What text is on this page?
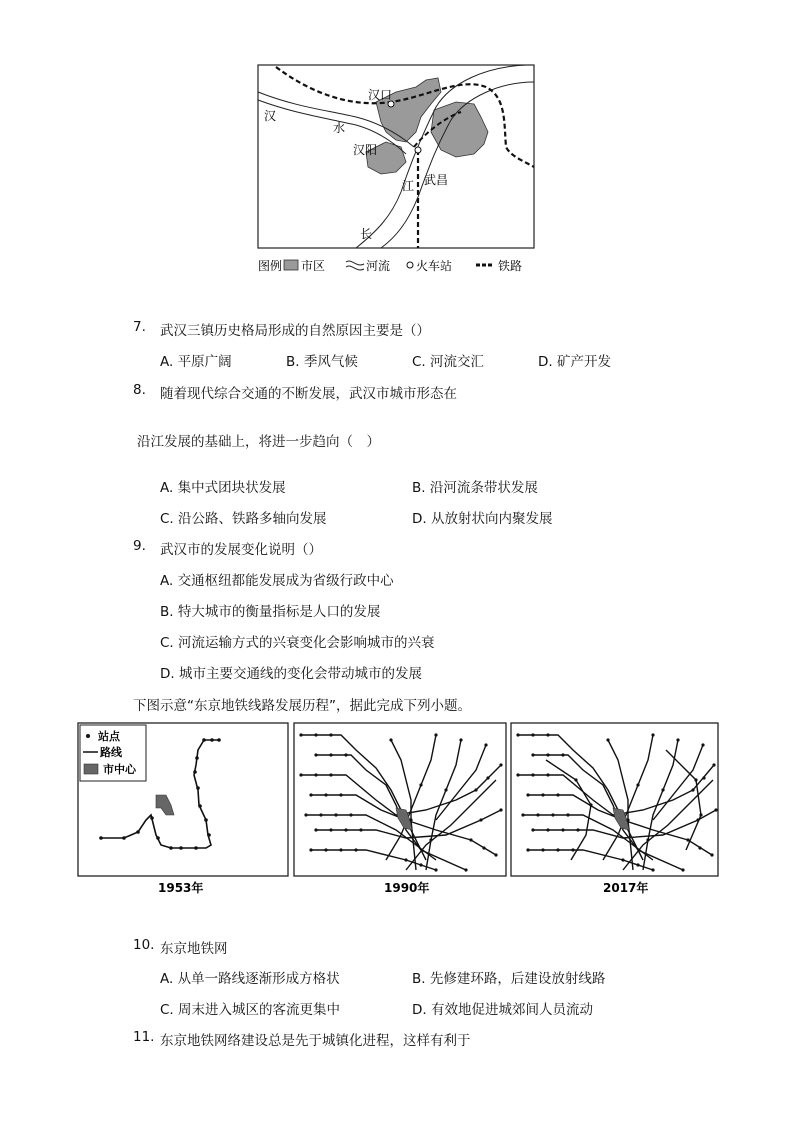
汉口
汉
水
汉阳
江 武昌
长
图例 市区	河流 火车站	铁路
7. 武汉三镇历史格局形成的自然原因主要是（）
A. 平原广阔	B. 季风气候	C. 河流交汇	D. 矿产开发
8. 随着现代综合交通的不断发展，武汉市城市形态在
沿江发展的基础上，将进一步趋向（　）
A. 集中式团块状发展	B. 沿河流条带状发展
C. 沿公路、铁路多轴向发展	D. 从放射状向内聚发展
9. 武汉市的发展变化说明（）
A. 交通枢纽都能发展成为省级行政中心
B. 特大城市的衡量指标是人口的发展
C. 河流运输方式的兴衰变化会影响城市的兴衰
D. 城市主要交通线的变化会带动城市的发展
下图示意“东京地铁线路发展历程”，据此完成下列小题。
站点
路线
市中心
1953年	1990年	2017年
10. 东京地铁网
A. 从单一路线逐渐形成方格状	B. 先修建环路，后建设放射线路
C. 周末进入城区的客流更集中	D. 有效地促进城郊间人员流动
11. 东京地铁网络建设总是先于城镇化进程，这样有利于
